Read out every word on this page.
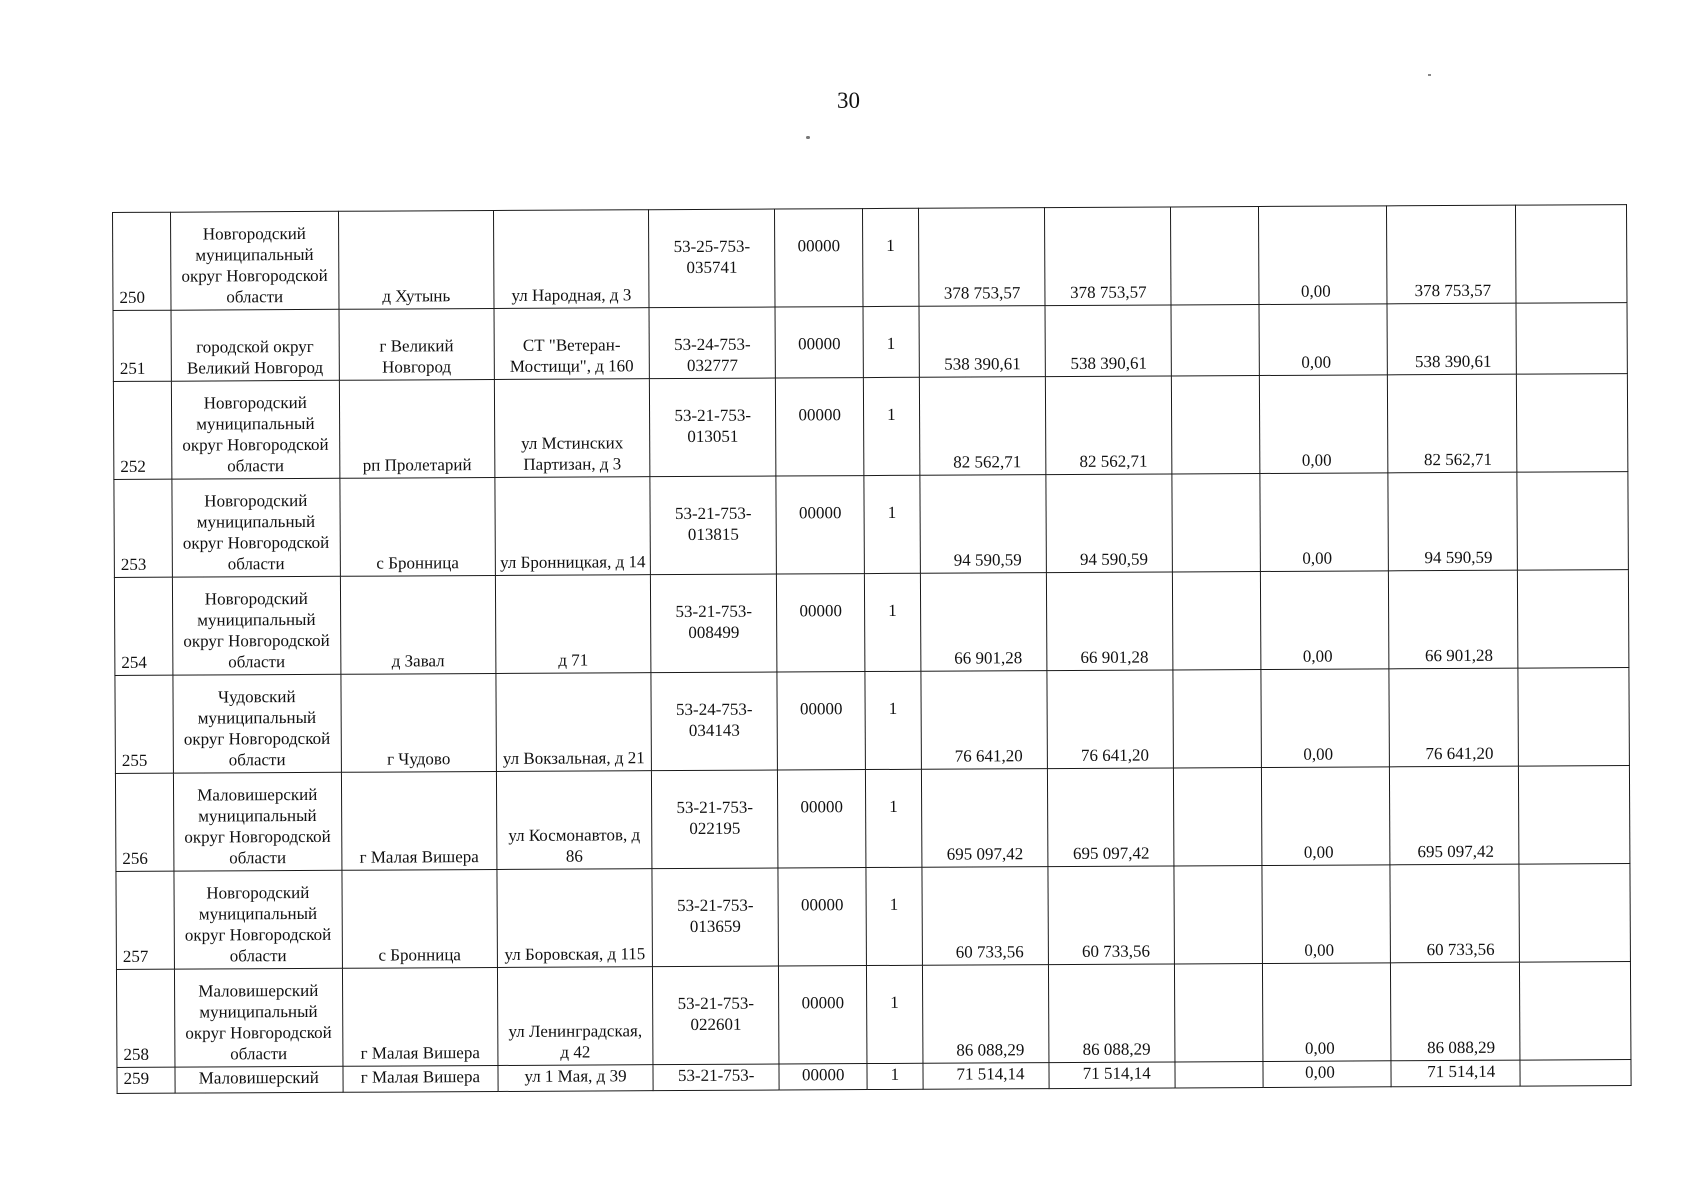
30
250	Новгородский муниципальный округ Новгородской области	д Хутынь	ул Народная, д 3	53-25-753-035741	00000	1	378 753,57	378 753,57		0,00	378 753,57	
251	городской округ Великий Новгород	г Великий Новгород	СТ "Ветеран-Мостищи", д 160	53-24-753-032777	00000	1	538 390,61	538 390,61		0,00	538 390,61	
252	Новгородский муниципальный округ Новгородской области	рп Пролетарий	ул Мстинских Партизан, д 3	53-21-753-013051	00000	1	82 562,71	82 562,71		0,00	82 562,71	
253	Новгородский муниципальный округ Новгородской области	с Бронница	ул Бронницкая, д 14	53-21-753-013815	00000	1	94 590,59	94 590,59		0,00	94 590,59	
254	Новгородский муниципальный округ Новгородской области	д Завал	д 71	53-21-753-008499	00000	1	66 901,28	66 901,28		0,00	66 901,28	
255	Чудовский муниципальный округ Новгородской области	г Чудово	ул Вокзальная, д 21	53-24-753-034143	00000	1	76 641,20	76 641,20		0,00	76 641,20	
256	Маловишерский муниципальный округ Новгородской области	г Малая Вишера	ул Космонавтов, д 86	53-21-753-022195	00000	1	695 097,42	695 097,42		0,00	695 097,42	
257	Новгородский муниципальный округ Новгородской области	с Бронница	ул Боровская, д 115	53-21-753-013659	00000	1	60 733,56	60 733,56		0,00	60 733,56	
258	Маловишерский муниципальный округ Новгородской области	г Малая Вишера	ул Ленинградская, д 42	53-21-753-022601	00000	1	86 088,29	86 088,29		0,00	86 088,29	
259	Маловишерский	г Малая Вишера	ул 1 Мая, д 39	53-21-753-	00000	1	71 514,14	71 514,14		0,00	71 514,14	
